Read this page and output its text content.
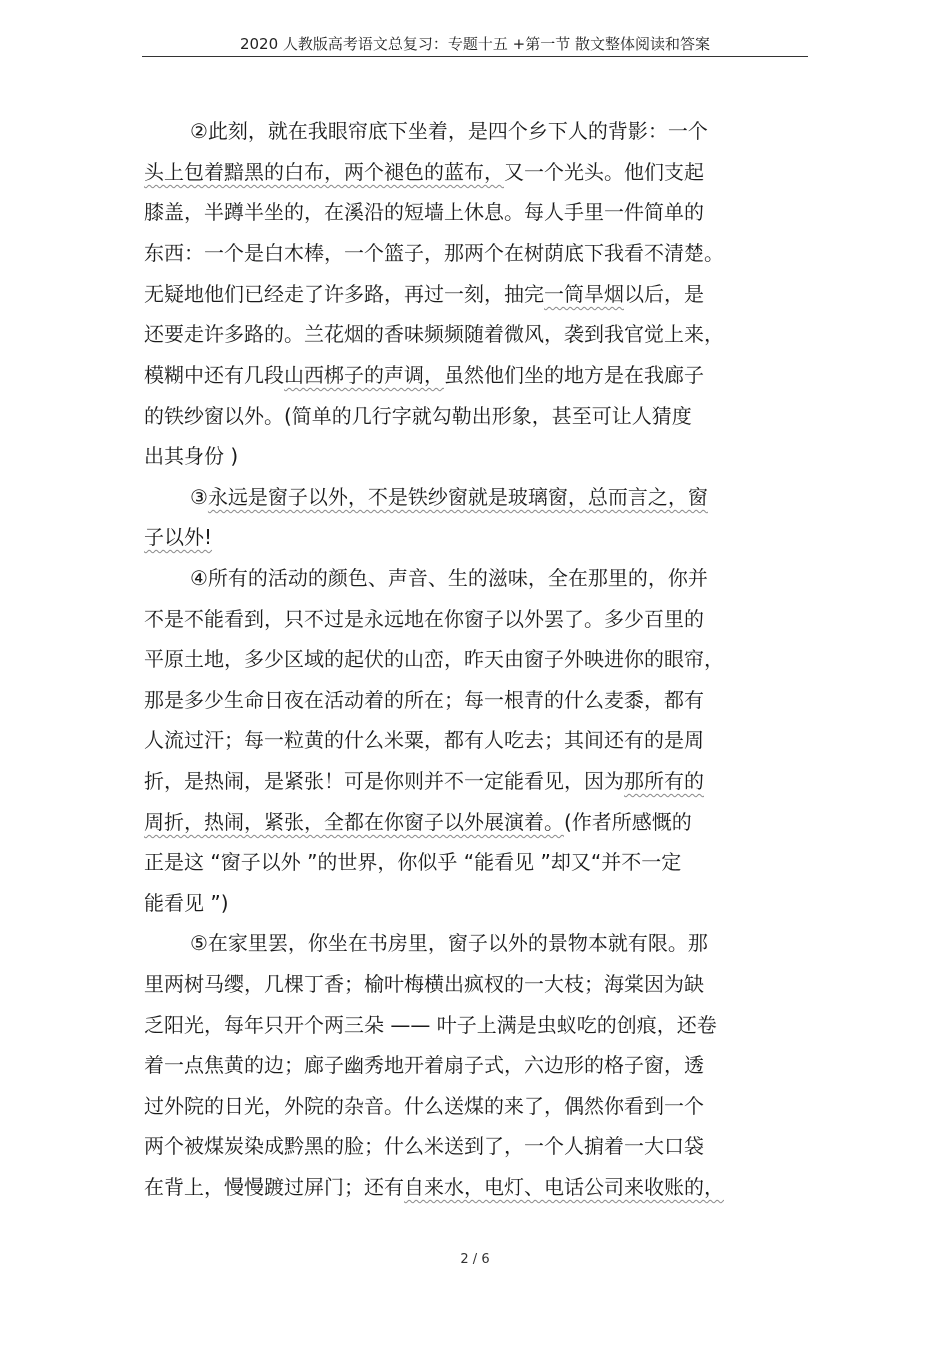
2020 人教版高考语文总复习：专题十五 +第一节 散文整体阅读和答案
②此刻，就在我眼帘底下坐着，是四个乡下人的背影：一个
头上包着黯黑的白布，两个褪色的蓝布，又一个光头。他们支起
膝盖，半蹲半坐的，在溪沿的短墙上休息。每人手里一件简单的
东西：一个是白木棒，一个篮子，那两个在树荫底下我看不清楚。
无疑地他们已经走了许多路，再过一刻，抽完一筒旱烟以后，是
还要走许多路的。兰花烟的香味频频随着微风，袭到我官觉上来，
模糊中还有几段山西梆子的声调，虽然他们坐的地方是在我廊子
的铁纱窗以外。(简单的几行字就勾勒出形象，甚至可让人猜度
出其身份 )
③永远是窗子以外，不是铁纱窗就是玻璃窗，总而言之，窗
子以外!
④所有的活动的颜色、声音、生的滋味，全在那里的，你并
不是不能看到，只不过是永远地在你窗子以外罢了。多少百里的
平原土地，多少区域的起伏的山峦，昨天由窗子外映进你的眼帘，
那是多少生命日夜在活动着的所在；每一根青的什么麦黍，都有
人流过汗；每一粒黄的什么米粟，都有人吃去；其间还有的是周
折，是热闹，是紧张！可是你则并不一定能看见，因为那所有的
周折，热闹，紧张，全都在你窗子以外展演着。(作者所感慨的
正是这 “窗子以外 ”的世界，你似乎 “能看见 ”却又“并不一定
能看见 ”)
⑤在家里罢，你坐在书房里，窗子以外的景物本就有限。那
里两树马缨，几棵丁香；榆叶梅横出疯杈的一大枝；海棠因为缺
乏阳光，每年只开个两三朵 —— 叶子上满是虫蚁吃的创痕，还卷
着一点焦黄的边；廊子幽秀地开着扇子式，六边形的格子窗，透
过外院的日光，外院的杂音。什么送煤的来了，偶然你看到一个
两个被煤炭染成黔黑的脸；什么米送到了，一个人掮着一大口袋
在背上，慢慢踱过屏门；还有自来水，电灯、电话公司来收账的，
2 / 6
